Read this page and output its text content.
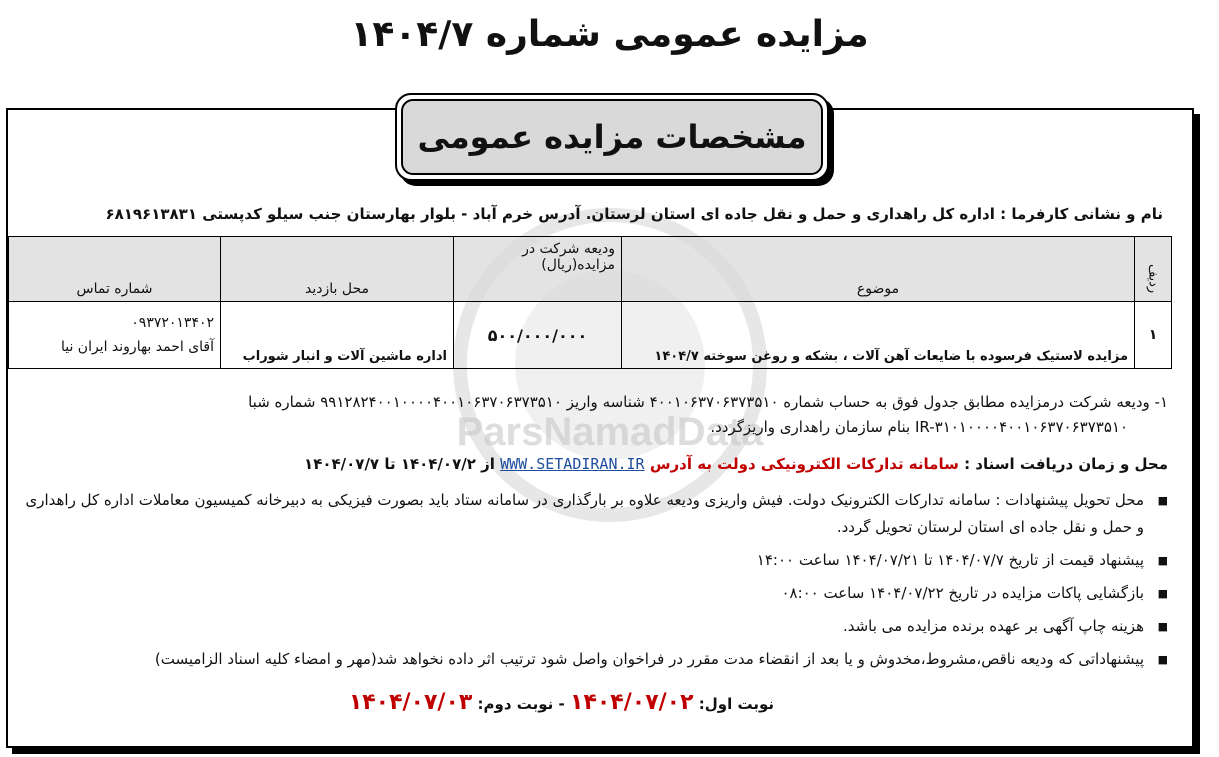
مزایده عمومی شماره ۱۴۰۴/۷
مشخصات مزایده عمومی
ParsNamadData
نام و نشانی کارفرما : اداره کل راهداری و حمل و نقل جاده ای استان لرستان. آدرس خرم آباد - بلوار بهارستان جنب سیلو کدپستی ۶۸۱۹۶۱۳۸۳۱
ردیف	موضوع	ودیعه شرکت در مزایده(ریال)	محل بازدید	شماره تماس
۱	مزایده لاستیک فرسوده با ضایعات آهن آلات ، بشکه و روغن سوخته ۱۴۰۴/۷	۵۰۰/۰۰۰/۰۰۰	اداره ماشین آلات و انبار شوراب	۰۹۳۷۲۰۱۳۴۰۲
آقای احمد بهاروند ایران نیا
۱- ودیعه شرکت درمزایده مطابق جدول فوق به حساب شماره ۴۰۰۱۰۶۳۷۰۶۳۷۳۵۱۰ شناسه واریز ۹۹۱۲۸۲۴۰۰۱۰۰۰۰۴۰۰۱۰۶۳۷۰۶۳۷۳۵۱۰ شماره شبا
IR-۳۱۰۱۰۰۰۰۴۰۰۱۰۶۳۷۰۶۳۷۳۵۱۰ بنام سازمان راهداری واریزگردد.
محل و زمان دریافت اسناد : سامانه تدارکات الکترونیکی دولت به آدرس WWW.SETADIRAN.IR از ۱۴۰۴/۰۷/۲ تا ۱۴۰۴/۰۷/۷
■ محل تحویل پیشنهادات : سامانه تدارکات الکترونیک دولت. فیش واریزی ودیعه علاوه بر بارگذاری در سامانه ستاد باید بصورت فیزیکی به دبیرخانه کمیسیون معاملات اداره کل راهداری و حمل و نقل جاده ای استان لرستان تحویل گردد.
■ پیشنهاد قیمت از تاریخ ۱۴۰۴/۰۷/۷ تا ۱۴۰۴/۰۷/۲۱ ساعت ۱۴:۰۰
■ بازگشایی پاکات مزایده در تاریخ ۱۴۰۴/۰۷/۲۲ ساعت ۰۸:۰۰
■ هزینه چاپ آگهی بر عهده برنده مزایده می باشد.
■ پیشنهاداتی که ودیعه ناقص،مشروط،مخدوش و یا بعد از انقضاء مدت مقرر در فراخوان واصل شود ترتیب اثر داده نخواهد شد(مهر و امضاء کلیه اسناد الزامیست)
نوبت اول: ۱۴۰۴/۰۷/۰۲ - نوبت دوم: ۱۴۰۴/۰۷/۰۳
